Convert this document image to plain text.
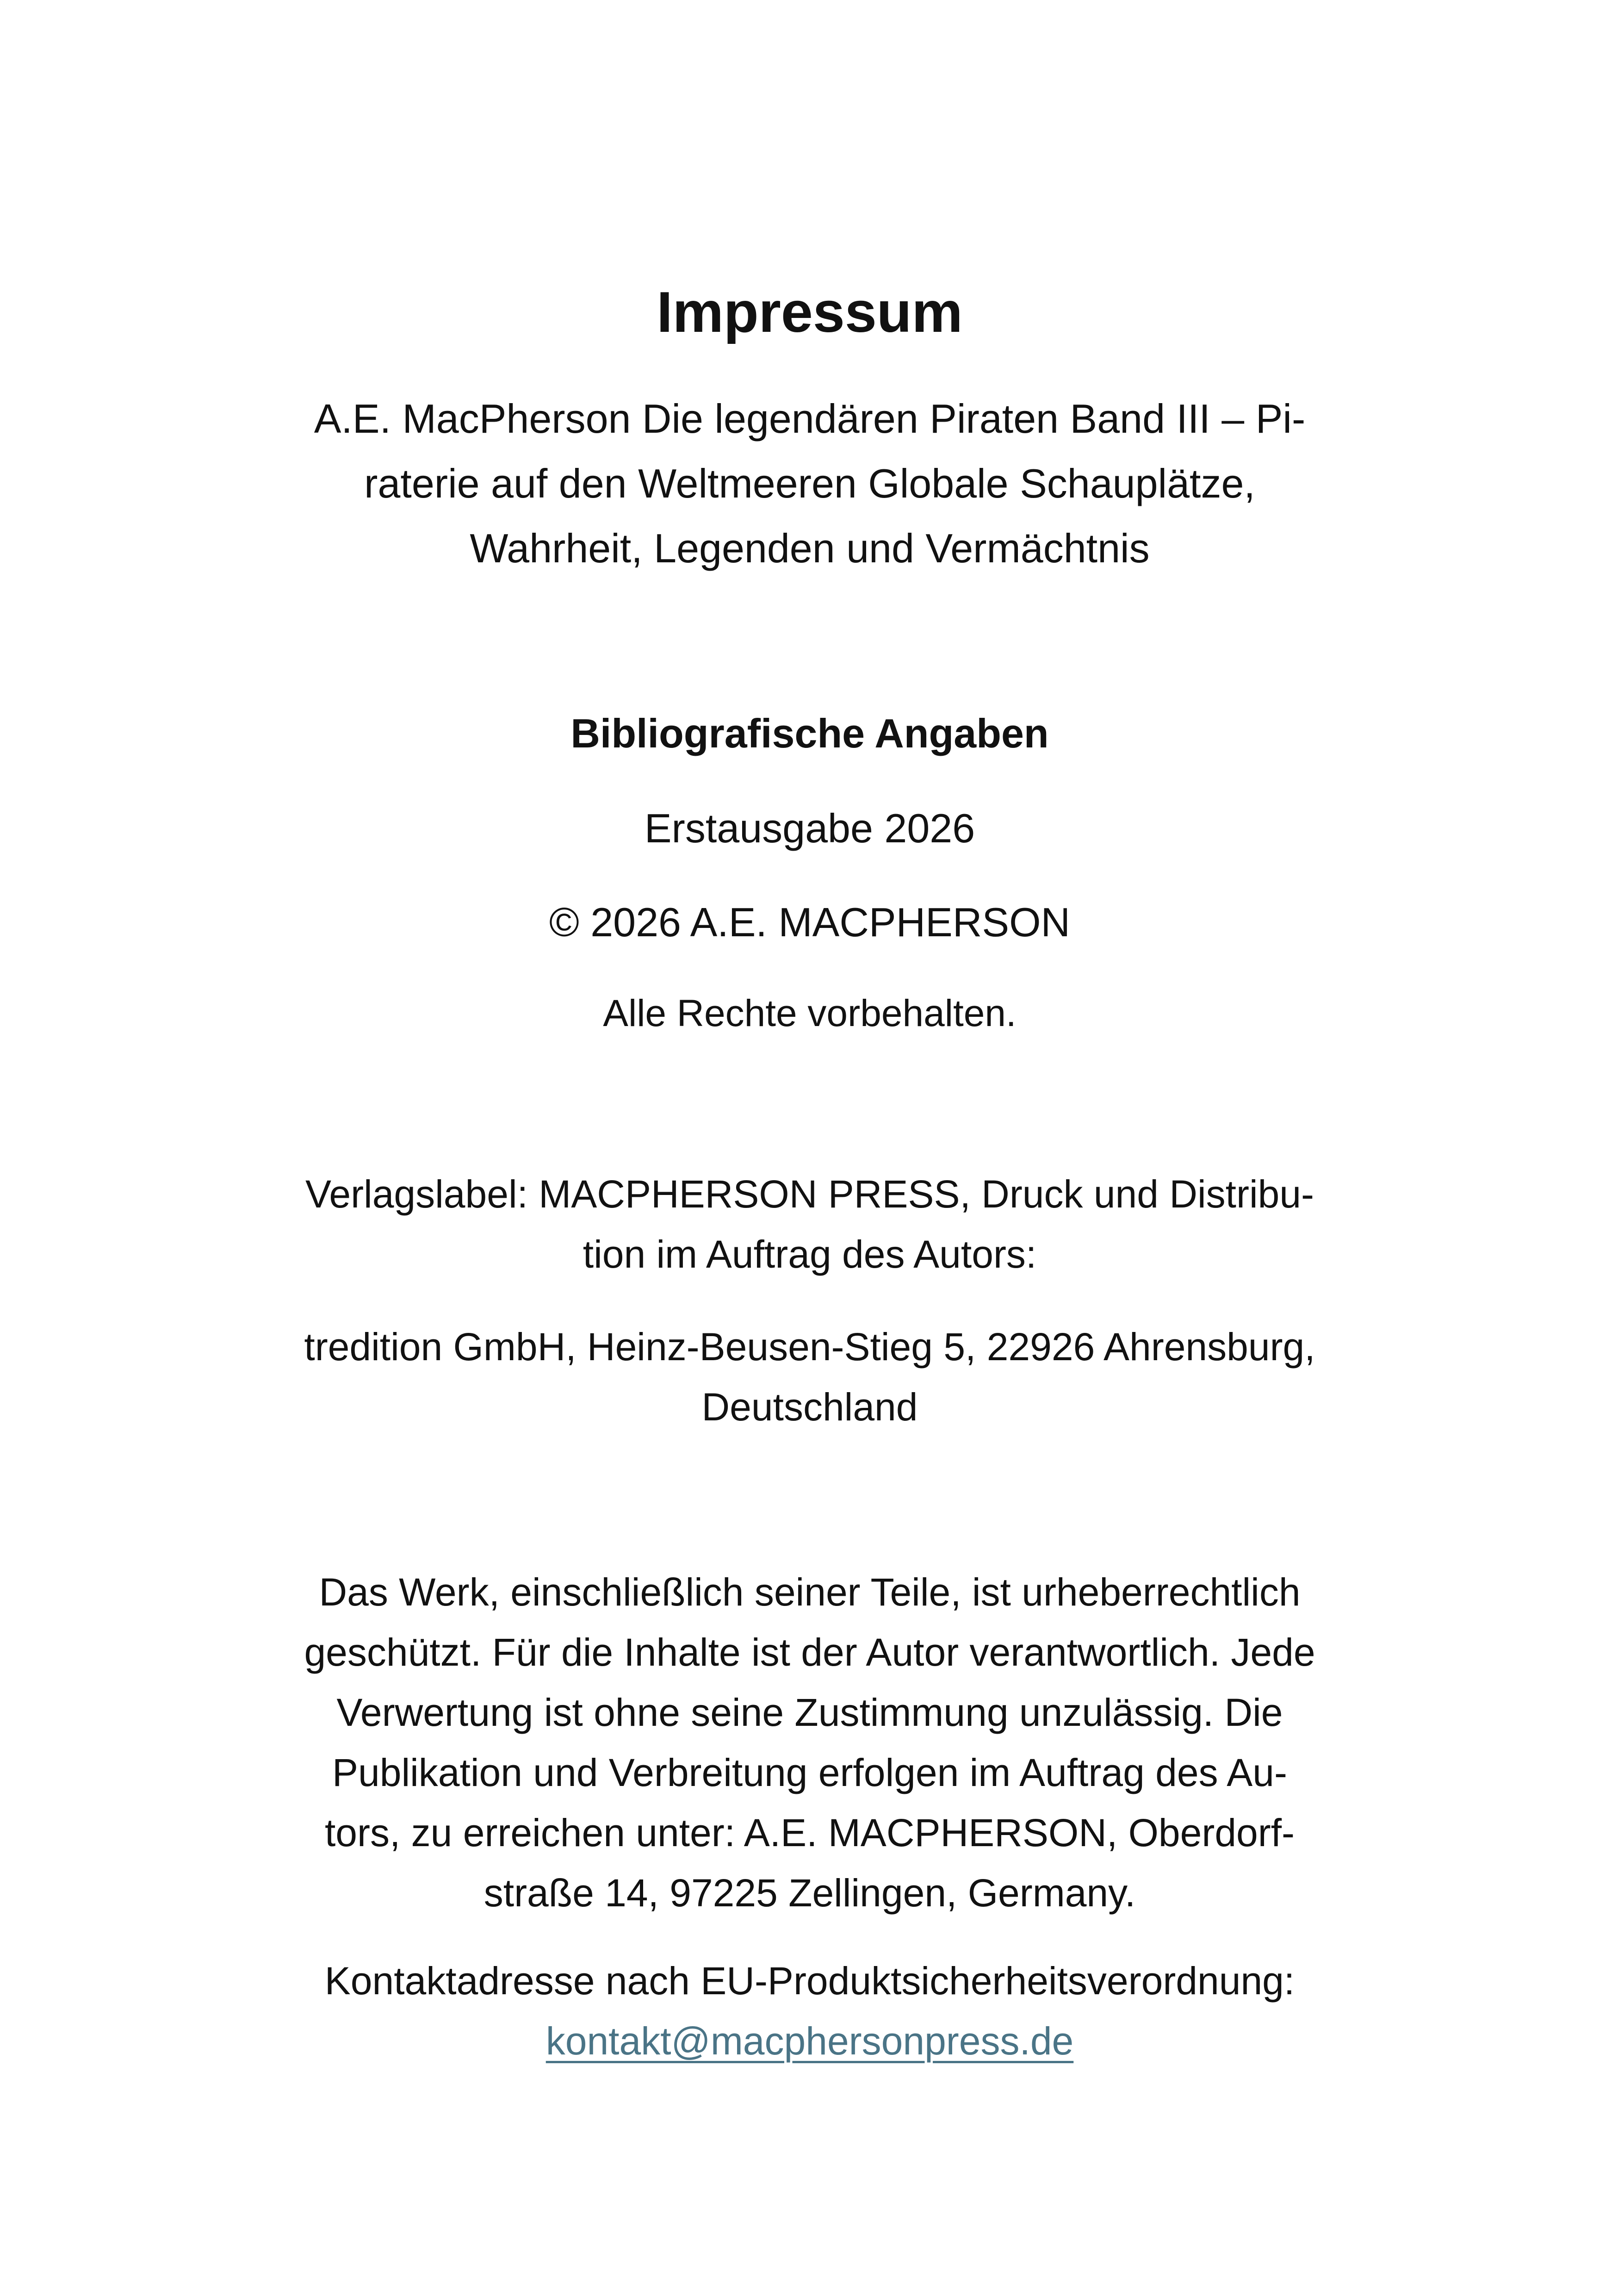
Impressum
A.E. MacPherson Die legendären Piraten Band III – Pi-
raterie auf den Weltmeeren Globale Schauplätze,
Wahrheit, Legenden und Vermächtnis
Bibliografische Angaben
Erstausgabe 2026
© 2026 A.E. MACPHERSON
Alle Rechte vorbehalten.
Verlagslabel: MACPHERSON PRESS, Druck und Distribu-
tion im Auftrag des Autors:
tredition GmbH, Heinz-Beusen-Stieg 5, 22926 Ahrensburg,
Deutschland
Das Werk, einschließlich seiner Teile, ist urheberrechtlich
geschützt. Für die Inhalte ist der Autor verantwortlich. Jede
Verwertung ist ohne seine Zustimmung unzulässig. Die
Publikation und Verbreitung erfolgen im Auftrag des Au-
tors, zu erreichen unter: A.E. MACPHERSON, Oberdorf-
straße 14, 97225 Zellingen, Germany.
Kontaktadresse nach EU-Produktsicherheitsverordnung:
kontakt@macphersonpress.de
